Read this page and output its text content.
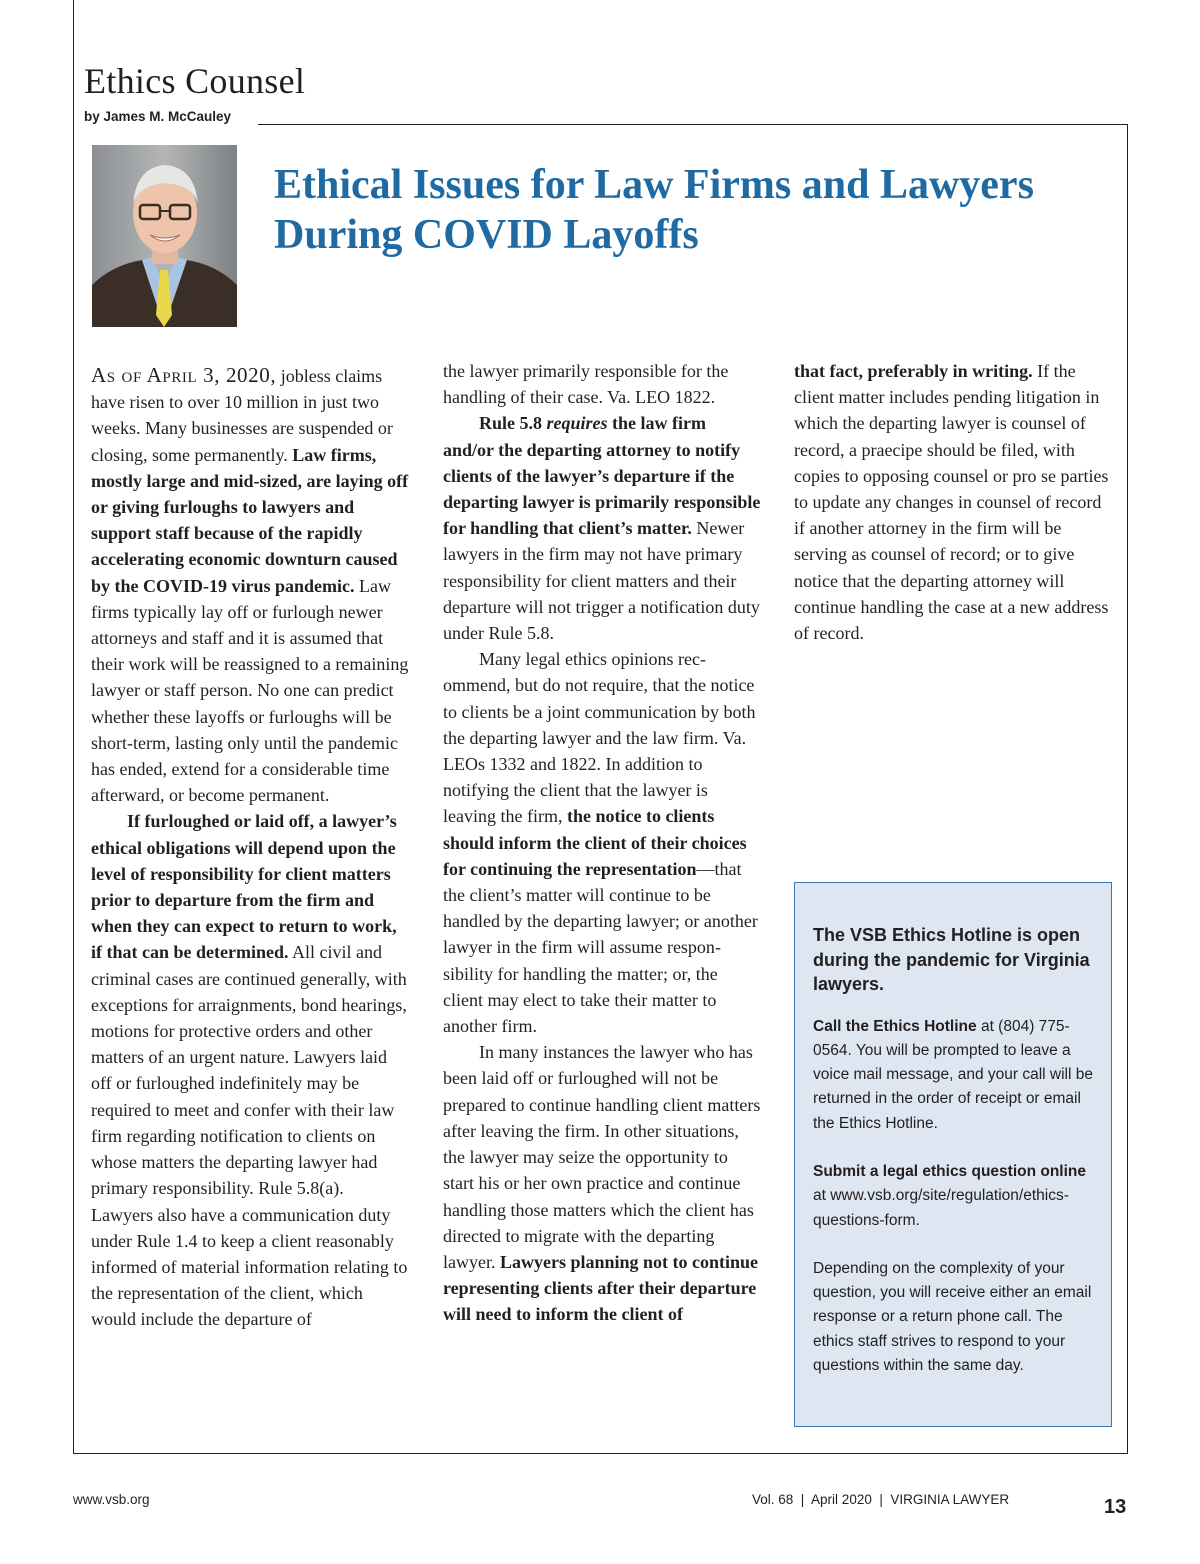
Ethics Counsel
by James M. McCauley
Ethical Issues for Law Firms and Lawyers
During COVID Layoffs

As of April 3, 2020, jobless claims have risen to over 10 million in just two weeks. Many businesses are suspended or closing, some permanently. Law firms, mostly large and mid-sized, are laying off or giving furloughs to lawyers and support staff because of the rapidly accelerating economic downturn caused by the COVID-19 virus pandemic. Law firms typically lay off or furlough newer attorneys and staff and it is assumed that their work will be reassigned to a remaining lawyer or staff person. No one can predict whether these layoffs or furloughs will be short-term, lasting only until the pandemic has ended, extend for a considerable time afterward, or become permanent.

If furloughed or laid off, a lawyer’s ethical obligations will depend upon the level of responsibility for client matters prior to departure from the firm and when they can expect to return to work, if that can be determined. All civil and criminal cases are continued generally, with exceptions for arraignments, bond hearings, motions for protective orders and other matters of an urgent nature. Lawyers laid off or furloughed indefinitely may be required to meet and confer with their law firm regarding notification to clients on whose matters the departing lawyer had primary responsibility. Rule 5.8(a). Lawyers also have a communication duty under Rule 1.4 to keep a client reasonably informed of material information relating to the representation of the client, which would include the departure of

the lawyer primarily responsible for the handling of their case. Va. LEO 1822.

Rule 5.8 requires the law firm and/or the departing attorney to notify clients of the lawyer’s departure if the departing lawyer is primarily responsible for handling that client’s matter. Newer lawyers in the firm may not have primary responsibility for client matters and their departure will not trigger a notification duty under Rule 5.8.

Many legal ethics opinions recommend, but do not require, that the notice to clients be a joint communication by both the departing lawyer and the law firm. Va. LEOs 1332 and 1822. In addition to notifying the client that the lawyer is leaving the firm, the notice to clients should inform the client of their choices for continuing the representation—that the client’s matter will continue to be handled by the departing lawyer; or another lawyer in the firm will assume responsibility for handling the matter; or, the client may elect to take their matter to another firm.

In many instances the lawyer who has been laid off or furloughed will not be prepared to continue handling client matters after leaving the firm. In other situations, the lawyer may seize the opportunity to start his or her own practice and continue handling those matters which the client has directed to migrate with the departing lawyer. Lawyers planning not to continue representing clients after their departure will need to inform the client of

that fact, preferably in writing. If the client matter includes pending litigation in which the departing lawyer is counsel of record, a praecipe should be filed, with copies to opposing counsel or pro se parties to update any changes in counsel of record if another attorney in the firm will be serving as counsel of record; or to give notice that the departing attorney will continue handling the case at a new address of record.

The VSB Ethics Hotline is open during the pandemic for Virginia lawyers.

Call the Ethics Hotline at (804) 775-0564. You will be prompted to leave a voice mail message, and your call will be returned in the order of receipt or email the Ethics Hotline.

Submit a legal ethics question online at www.vsb.org/site/regulation/ethics-questions-form.

Depending on the complexity of your question, you will receive either an email response or a return phone call. The ethics staff strives to respond to your questions within the same day.

www.vsb.org	Vol. 68  |  April 2020  |  VIRGINIA LAWYER	13
